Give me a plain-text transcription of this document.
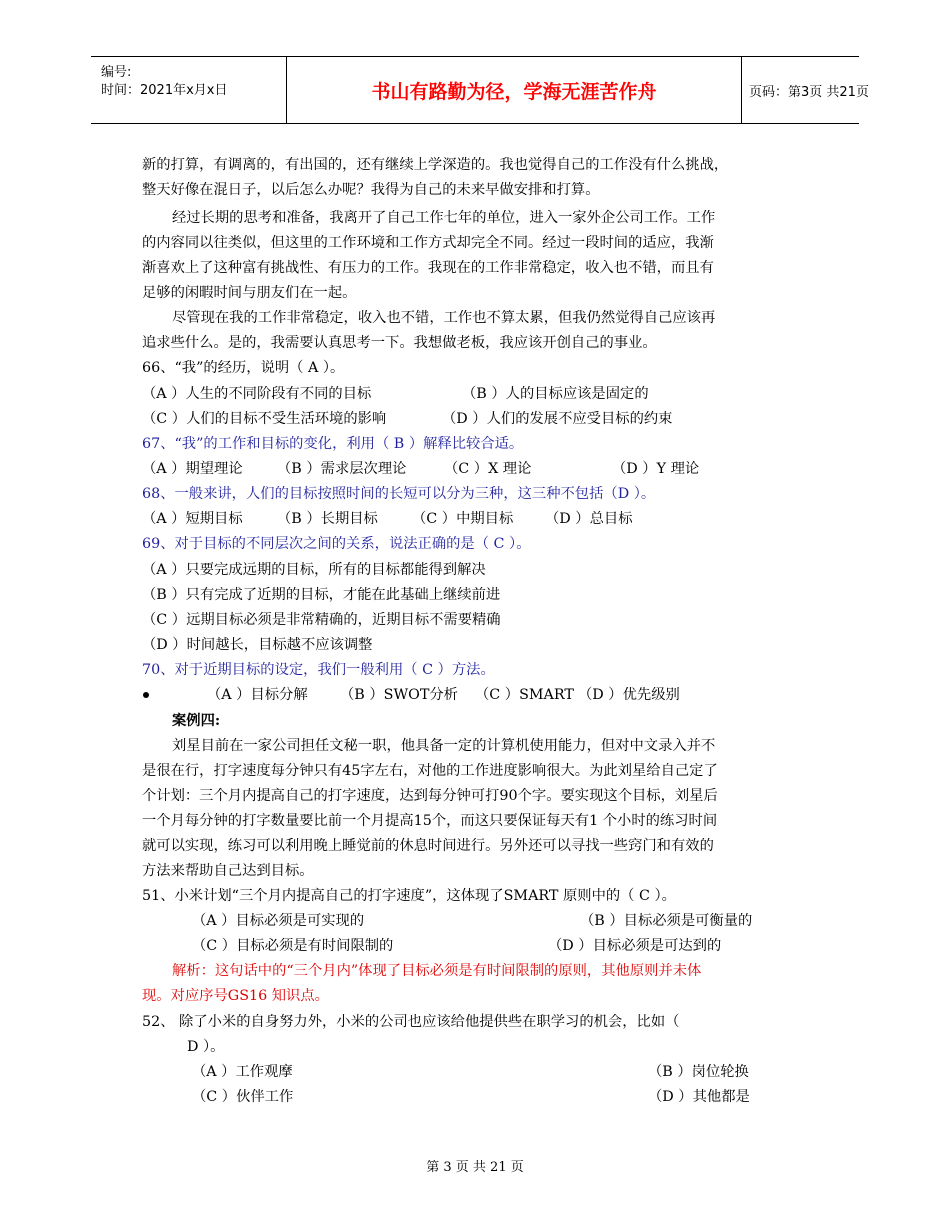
编号:
时间：2021年x月x日	书山有路勤为径，学海无涯苦作舟	页码：第3页 共21页
新的打算，有调离的，有出国的，还有继续上学深造的。我也觉得自己的工作没有什么挑战，
整天好像在混日子，以后怎么办呢？我得为自己的未来早做安排和打算。
经过长期的思考和准备，我离开了自己工作七年的单位，进入一家外企公司工作。工作
的内容同以往类似，但这里的工作环境和工作方式却完全不同。经过一段时间的适应，我渐
渐喜欢上了这种富有挑战性、有压力的工作。我现在的工作非常稳定，收入也不错，而且有
足够的闲暇时间与朋友们在一起。
尽管现在我的工作非常稳定，收入也不错，工作也不算太累，但我仍然觉得自己应该再
追求些什么。是的，我需要认真思考一下。我想做老板，我应该开创自己的事业。
66、“我”的经历，说明（ A ）。
（A ）人生的不同阶段有不同的目标	（B ）人的目标应该是固定的
（C ）人们的目标不受生活环境的影响	（D ）人们的发展不应受目标的约束
67、“我”的工作和目标的变化，利用（ B ）解释比较合适。
（A ）期望理论 （B ）需求层次理论	（C ）X 理论	（D ）Y 理论
68、一般来讲，人们的目标按照时间的长短可以分为三种，这三种不包括（D ）。
（A ）短期目标 （B ）长期目标 （C ）中期目标 （D ）总目标
69、对于目标的不同层次之间的关系，说法正确的是（ C ）。
（A ）只要完成远期的目标，所有的目标都能得到解决
（B ）只有完成了近期的目标，才能在此基础上继续前进
（C ）远期目标必须是非常精确的，近期目标不需要精确
（D ）时间越长，目标越不应该调整
70、对于近期目标的设定，我们一般利用（ C ）方法。
（A ）目标分解 （B ）SWOT分析 （C ）SMART （D ）优先级别
案例四:
刘星目前在一家公司担任文秘一职，他具备一定的计算机使用能力，但对中文录入并不
是很在行，打字速度每分钟只有45字左右，对他的工作进度影响很大。为此刘星给自己定了
个计划：三个月内提高自己的打字速度，达到每分钟可打90个字。要实现这个目标，刘星后
一个月每分钟的打字数量要比前一个月提高15个，而这只要保证每天有1 个小时的练习时间
就可以实现，练习可以利用晚上睡觉前的休息时间进行。另外还可以寻找一些窍门和有效的
方法来帮助自己达到目标。
51、小米计划“三个月内提高自己的打字速度”，这体现了SMART 原则中的（ C ）。
（A ）目标必须是可实现的	（B ）目标必须是可衡量的
（C ）目标必须是有时间限制的	（D ）目标必须是可达到的
解析：这句话中的“三个月内”体现了目标必须是有时间限制的原则，其他原则并未体
现。对应序号GS16 知识点。
52、 除了小米的自身努力外，小米的公司也应该给他提供些在职学习的机会，比如（
D ）。
（A ）工作观摩	（B ）岗位轮换
（C ）伙伴工作	（D ）其他都是
第 3 页 共 21 页
